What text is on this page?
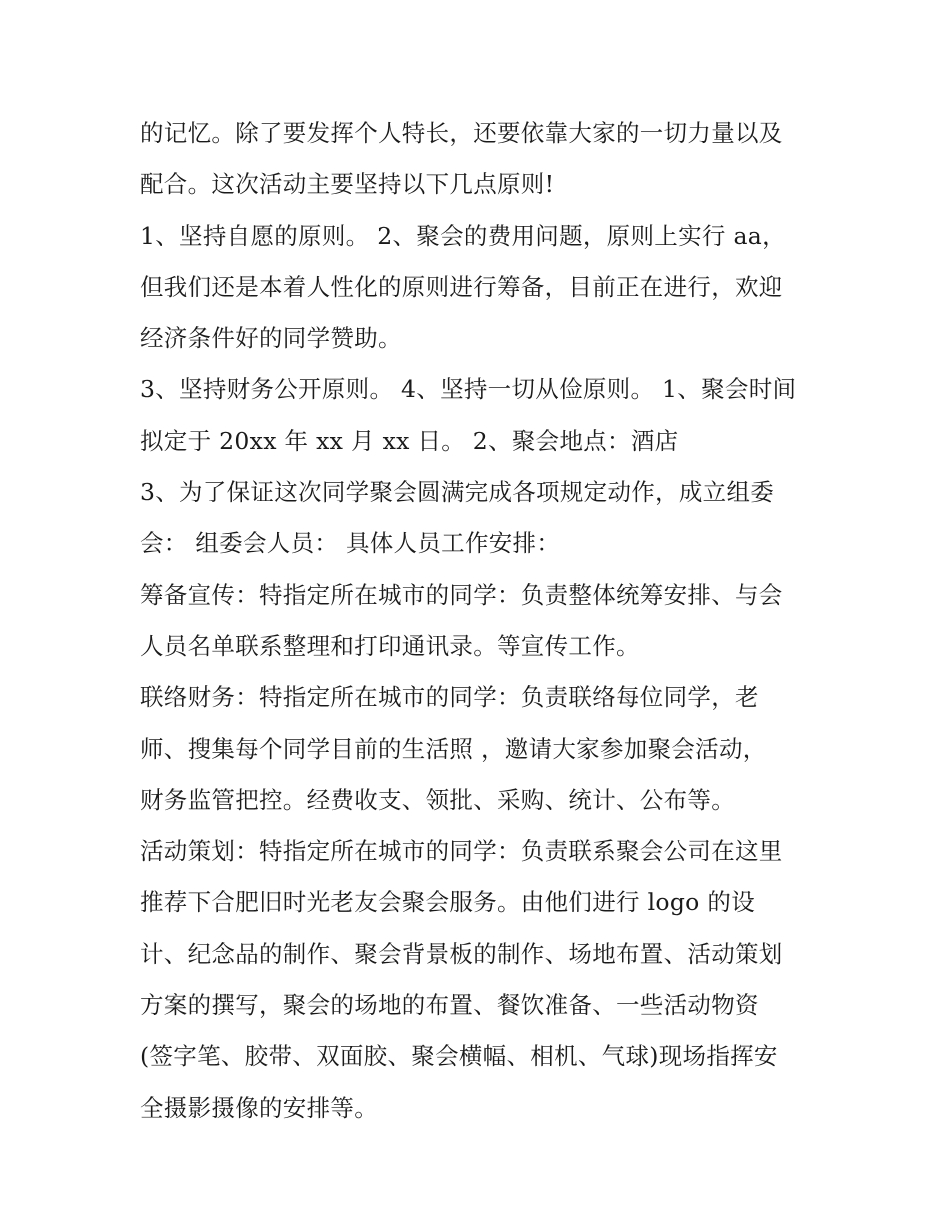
的记忆。除了要发挥个人特长，还要依靠大家的一切力量以及
配合。这次活动主要坚持以下几点原则!
1、坚持自愿的原则。 2、聚会的费用问题，原则上实行 aa，
但我们还是本着人性化的原则进行筹备，目前正在进行，欢迎
经济条件好的同学赞助。
3、坚持财务公开原则。 4、坚持一切从俭原则。 1、聚会时间
拟定于 20xx 年 xx 月 xx 日。 2、聚会地点：酒店
3、为了保证这次同学聚会圆满完成各项规定动作，成立组委
会： 组委会人员： 具体人员工作安排：
筹备宣传：特指定所在城市的同学：负责整体统筹安排、与会
人员名单联系整理和打印通讯录。等宣传工作。
联络财务：特指定所在城市的同学：负责联络每位同学，老
师、搜集每个同学目前的生活照 ，邀请大家参加聚会活动，
财务监管把控。经费收支、领批、采购、统计、公布等。
活动策划：特指定所在城市的同学：负责联系聚会公司在这里
推荐下合肥旧时光老友会聚会服务。由他们进行 logo 的设
计、纪念品的制作、聚会背景板的制作、场地布置、活动策划
方案的撰写，聚会的场地的布置、餐饮准备、一些活动物资
(签字笔、胶带、双面胶、聚会横幅、相机、气球)现场指挥安
全摄影摄像的安排等。
